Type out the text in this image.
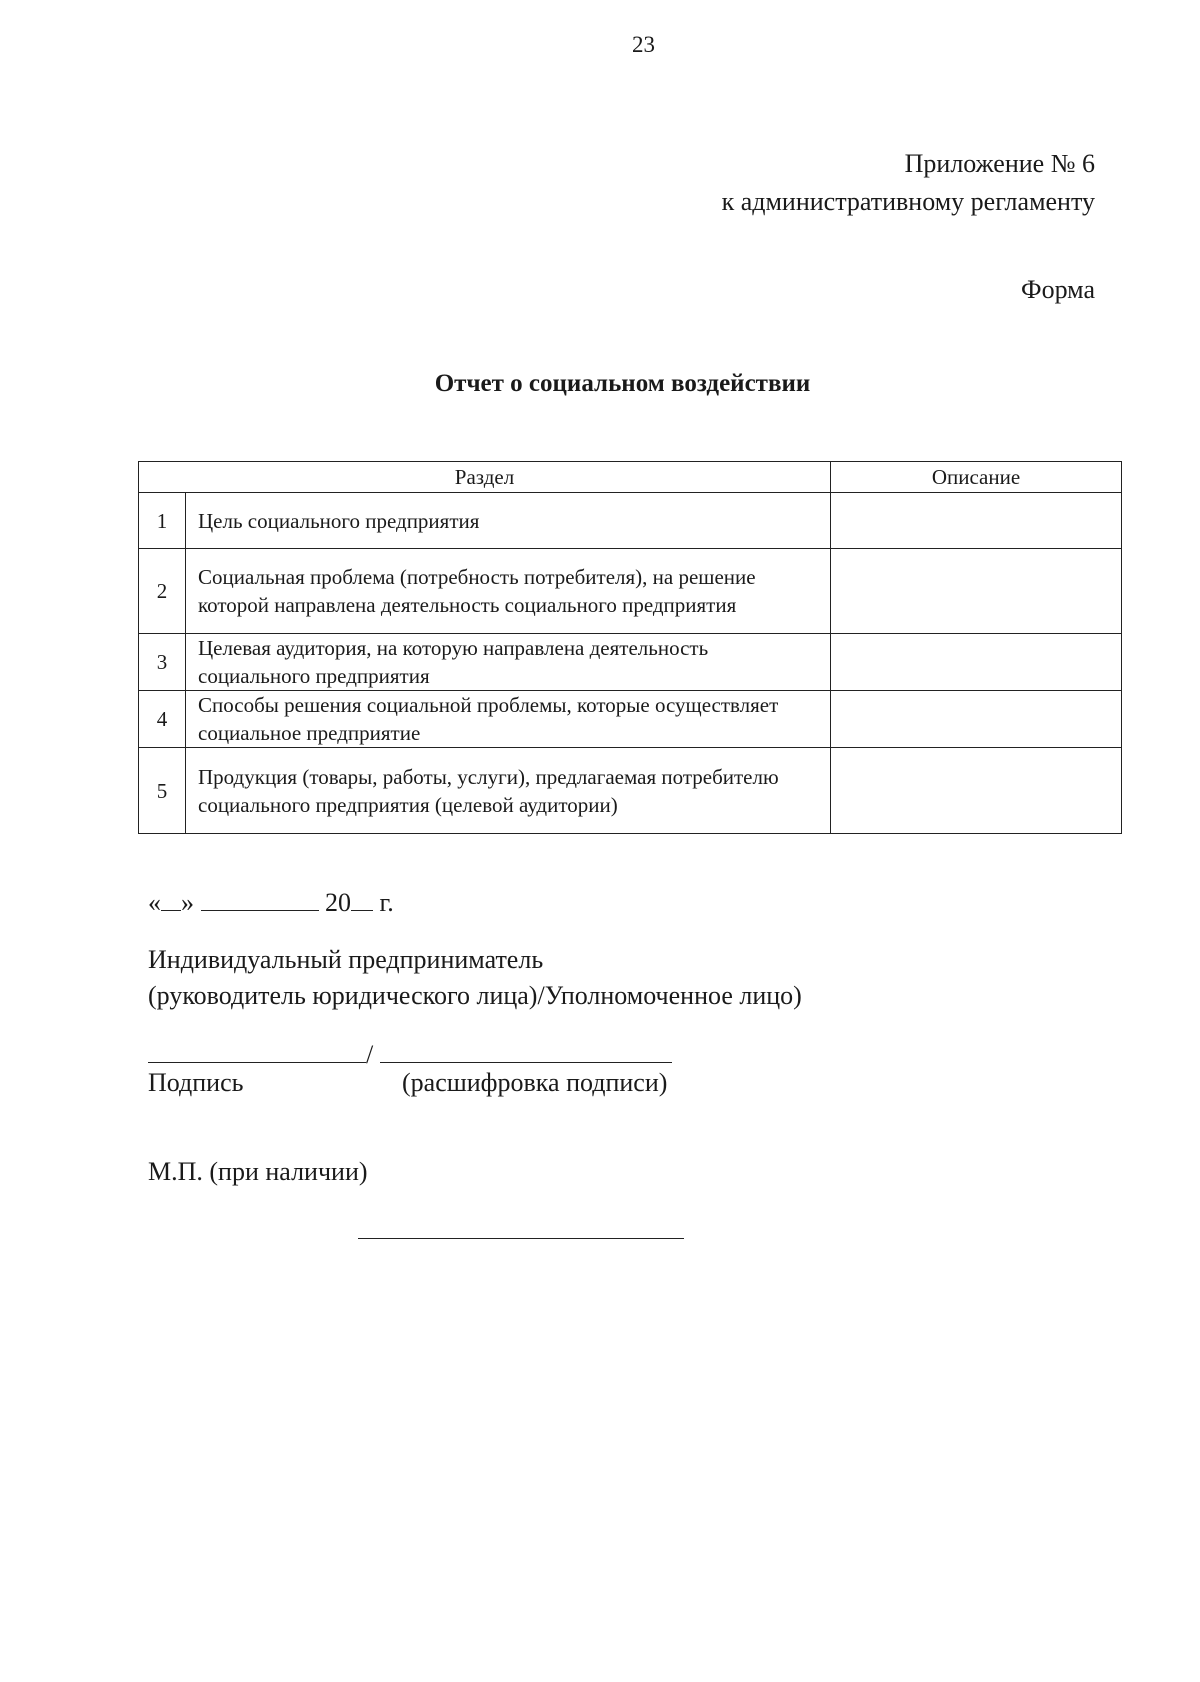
23
Приложение № 6
к административному регламенту
Форма
Отчет о социальном воздействии
Раздел		Описание
1	Цель социального предприятия	
2	Социальная проблема (потребность потребителя), на решение которой направлена деятельность социального предприятия	
3	Целевая аудитория, на которую направлена деятельность социального предприятия	
4	Способы решения социальной проблемы, которые осуществляет социальное предприятие	
5	Продукция (товары, работы, услуги), предлагаемая потребителю социального предприятия (целевой аудитории)	
« »	20 г.
Индивидуальный предприниматель
(руководитель юридического лица)/Уполномоченное лицо)
/
Подпись	(расшифровка подписи)
М.П. (при наличии)
